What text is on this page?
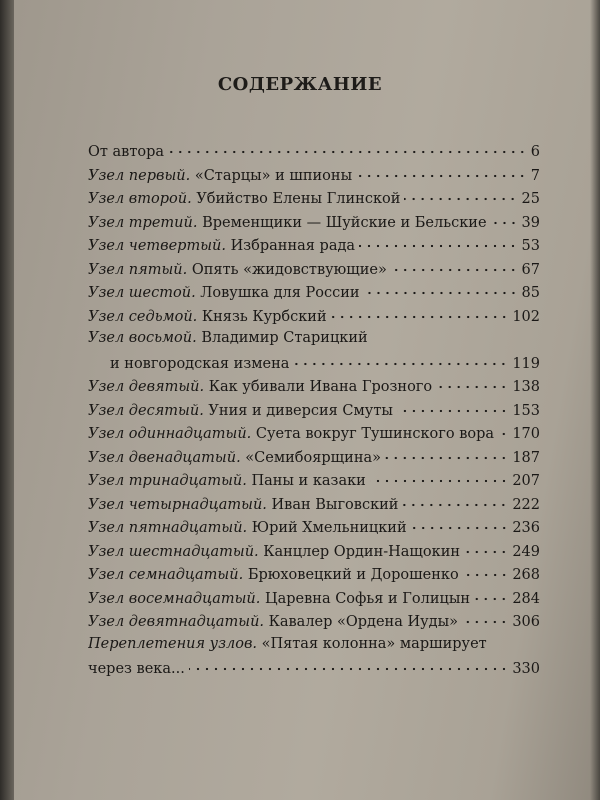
СОДЕРЖАНИЕ
От автора	6
Узел первый. «Старцы» и шпионы	7
Узел второй. Убийство Елены Глинской	25
Узел третий. Временщики — Шуйские и Бельские 39
Узел четвертый. Избранная рада	53
Узел пятый. Опять «жидовствующие»	67
Узел шестой. Ловушка для России	85
Узел седьмой. Князь Курбский	102
Узел восьмой. Владимир Старицкий
и новгородская измена	119
Узел девятый. Как убивали Ивана Грозного	138
Узел десятый. Уния и диверсия Смуты	153
Узел одиннадцатый. Суета вокруг Тушинского вора 170
Узел двенадцатый. «Семибоярщина»	187
Узел тринадцатый. Паны и казаки	207
Узел четырнадцатый. Иван Выговский	222
Узел пятнадцатый. Юрий Хмельницкий	236
Узел шестнадцатый. Канцлер Ордин-Нащокин	249
Узел семнадцатый. Брюховецкий и Дорошенко	268
Узел восемнадцатый. Царевна Софья и Голицын	284
Узел девятнадцатый. Кавалер «Ордена Иуды»	306
Переплетения узлов. «Пятая колонна» марширует
через века...	330
